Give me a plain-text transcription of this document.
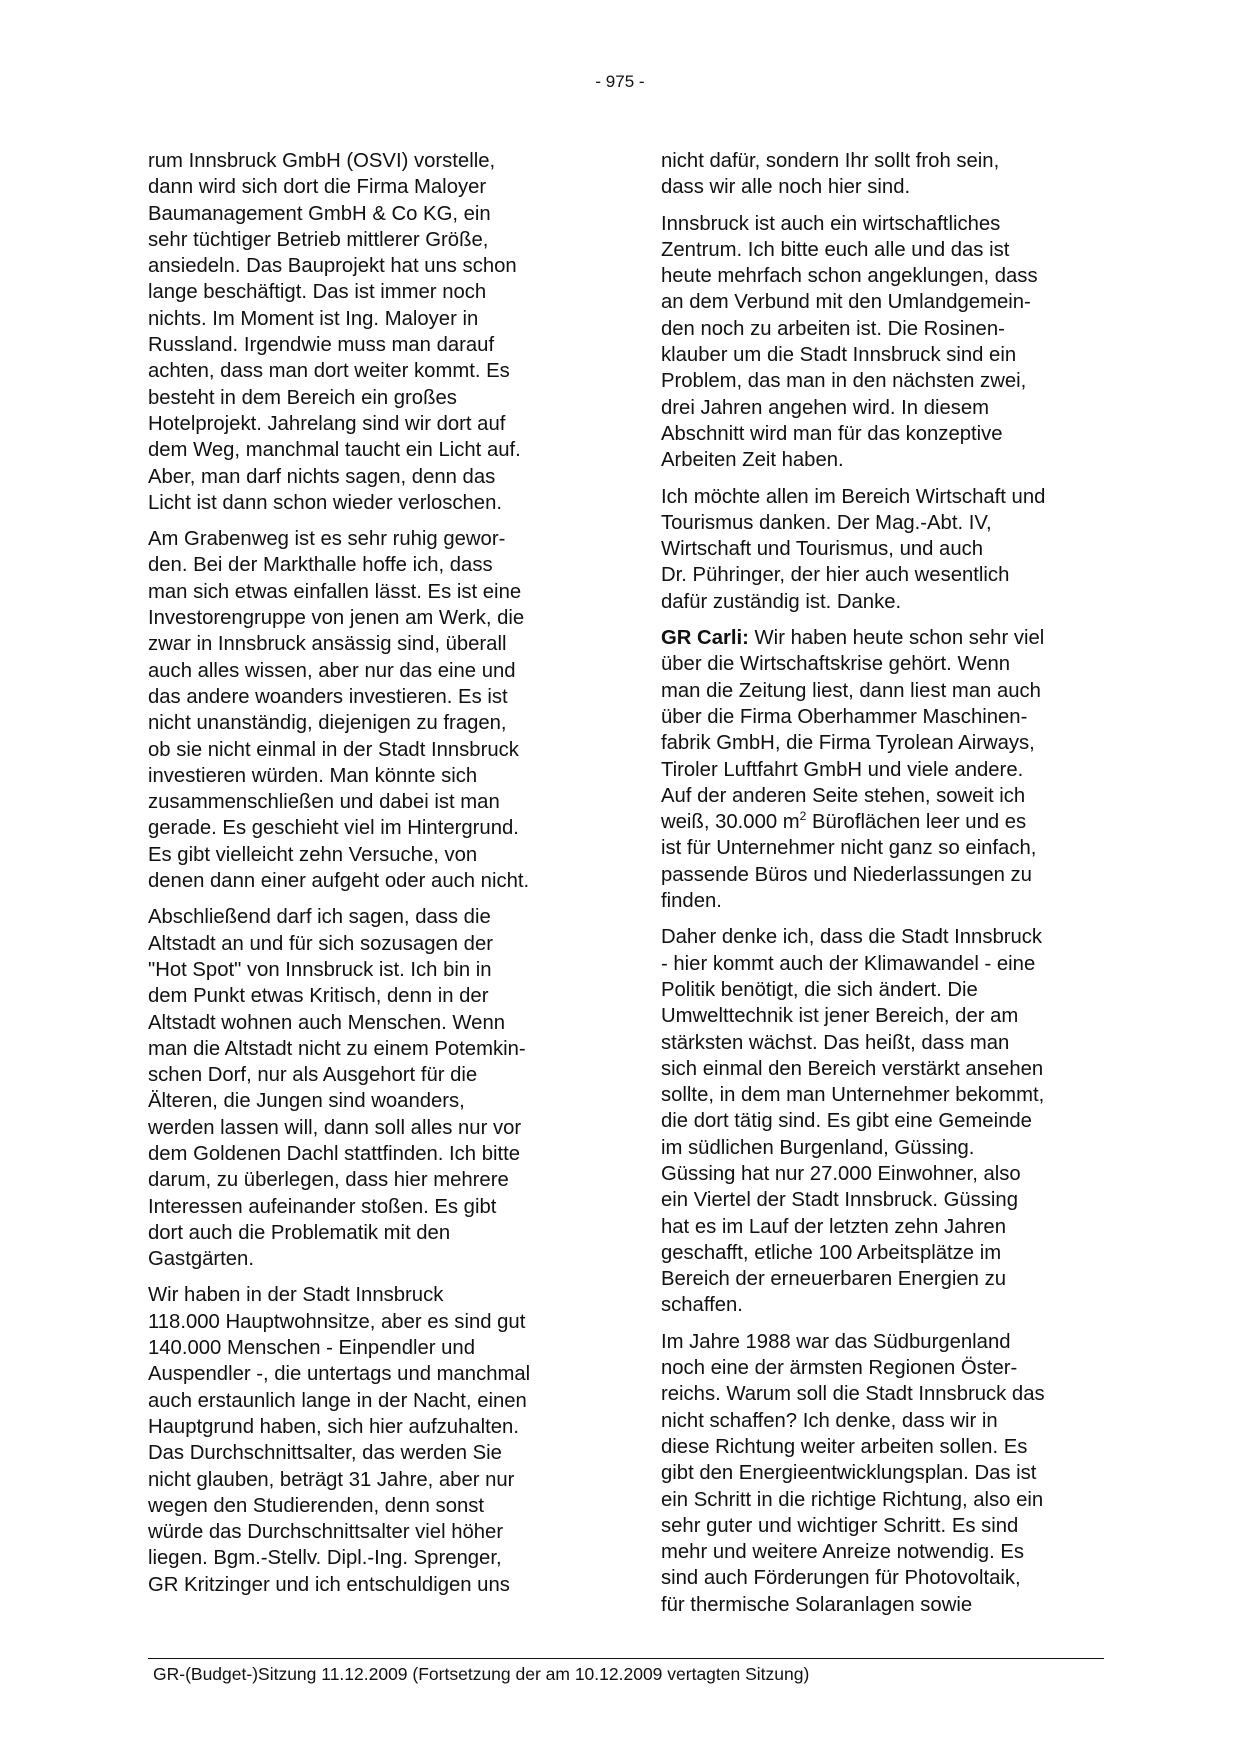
- 975 -
rum Innsbruck GmbH (OSVI) vorstelle,
dann wird sich dort die Firma Maloyer
Baumanagement GmbH & Co KG, ein
sehr tüchtiger Betrieb mittlerer Größe,
ansiedeln. Das Bauprojekt hat uns schon
lange beschäftigt. Das ist immer noch
nichts. Im Moment ist Ing. Maloyer in
Russland. Irgendwie muss man darauf
achten, dass man dort weiter kommt. Es
besteht in dem Bereich ein großes
Hotelprojekt. Jahrelang sind wir dort auf
dem Weg, manchmal taucht ein Licht auf.
Aber, man darf nichts sagen, denn das
Licht ist dann schon wieder verloschen.
Am Grabenweg ist es sehr ruhig gewor-
den. Bei der Markthalle hoffe ich, dass
man sich etwas einfallen lässt. Es ist eine
Investorengruppe von jenen am Werk, die
zwar in Innsbruck ansässig sind, überall
auch alles wissen, aber nur das eine und
das andere woanders investieren. Es ist
nicht unanständig, diejenigen zu fragen,
ob sie nicht einmal in der Stadt Innsbruck
investieren würden. Man könnte sich
zusammenschließen und dabei ist man
gerade. Es geschieht viel im Hintergrund.
Es gibt vielleicht zehn Versuche, von
denen dann einer aufgeht oder auch nicht.
Abschließend darf ich sagen, dass die
Altstadt an und für sich sozusagen der
"Hot Spot" von Innsbruck ist. Ich bin in
dem Punkt etwas Kritisch, denn in der
Altstadt wohnen auch Menschen. Wenn
man die Altstadt nicht zu einem Potemkin-
schen Dorf, nur als Ausgehort für die
Älteren, die Jungen sind woanders,
werden lassen will, dann soll alles nur vor
dem Goldenen Dachl stattfinden. Ich bitte
darum, zu überlegen, dass hier mehrere
Interessen aufeinander stoßen. Es gibt
dort auch die Problematik mit den
Gastgärten.
Wir haben in der Stadt Innsbruck
118.000 Hauptwohnsitze, aber es sind gut
140.000 Menschen - Einpendler und
Auspendler -, die untertags und manchmal
auch erstaunlich lange in der Nacht, einen
Hauptgrund haben, sich hier aufzuhalten.
Das Durchschnittsalter, das werden Sie
nicht glauben, beträgt 31 Jahre, aber nur
wegen den Studierenden, denn sonst
würde das Durchschnittsalter viel höher
liegen. Bgm.-Stellv. Dipl.-Ing. Sprenger,
GR Kritzinger und ich entschuldigen uns
nicht dafür, sondern Ihr sollt froh sein,
dass wir alle noch hier sind.
Innsbruck ist auch ein wirtschaftliches
Zentrum. Ich bitte euch alle und das ist
heute mehrfach schon angeklungen, dass
an dem Verbund mit den Umlandgemein-
den noch zu arbeiten ist. Die Rosinen-
klauber um die Stadt Innsbruck sind ein
Problem, das man in den nächsten zwei,
drei Jahren angehen wird. In diesem
Abschnitt wird man für das konzeptive
Arbeiten Zeit haben.
Ich möchte allen im Bereich Wirtschaft und
Tourismus danken. Der Mag.-Abt. IV,
Wirtschaft und Tourismus, und auch
Dr. Pühringer, der hier auch wesentlich
dafür zuständig ist. Danke.
GR Carli: Wir haben heute schon sehr viel
über die Wirtschaftskrise gehört. Wenn
man die Zeitung liest, dann liest man auch
über die Firma Oberhammer Maschinen-
fabrik GmbH, die Firma Tyrolean Airways,
Tiroler Luftfahrt GmbH und viele andere.
Auf der anderen Seite stehen, soweit ich
weiß, 30.000 $m^2$ Büroflächen leer und es
ist für Unternehmer nicht ganz so einfach,
passende Büros und Niederlassungen zu
finden.
Daher denke ich, dass die Stadt Innsbruck
- hier kommt auch der Klimawandel - eine
Politik benötigt, die sich ändert. Die
Umwelttechnik ist jener Bereich, der am
stärksten wächst. Das heißt, dass man
sich einmal den Bereich verstärkt ansehen
sollte, in dem man Unternehmer bekommt,
die dort tätig sind. Es gibt eine Gemeinde
im südlichen Burgenland, Güssing.
Güssing hat nur 27.000 Einwohner, also
ein Viertel der Stadt Innsbruck. Güssing
hat es im Lauf der letzten zehn Jahren
geschafft, etliche 100 Arbeitsplätze im
Bereich der erneuerbaren Energien zu
schaffen.
Im Jahre 1988 war das Südburgenland
noch eine der ärmsten Regionen Öster-
reichs. Warum soll die Stadt Innsbruck das
nicht schaffen? Ich denke, dass wir in
diese Richtung weiter arbeiten sollen. Es
gibt den Energieentwicklungsplan. Das ist
ein Schritt in die richtige Richtung, also ein
sehr guter und wichtiger Schritt. Es sind
mehr und weitere Anreize notwendig. Es
sind auch Förderungen für Photovoltaik,
für thermische Solaranlagen sowie
GR-(Budget-)Sitzung 11.12.2009 (Fortsetzung der am 10.12.2009 vertagten Sitzung)
